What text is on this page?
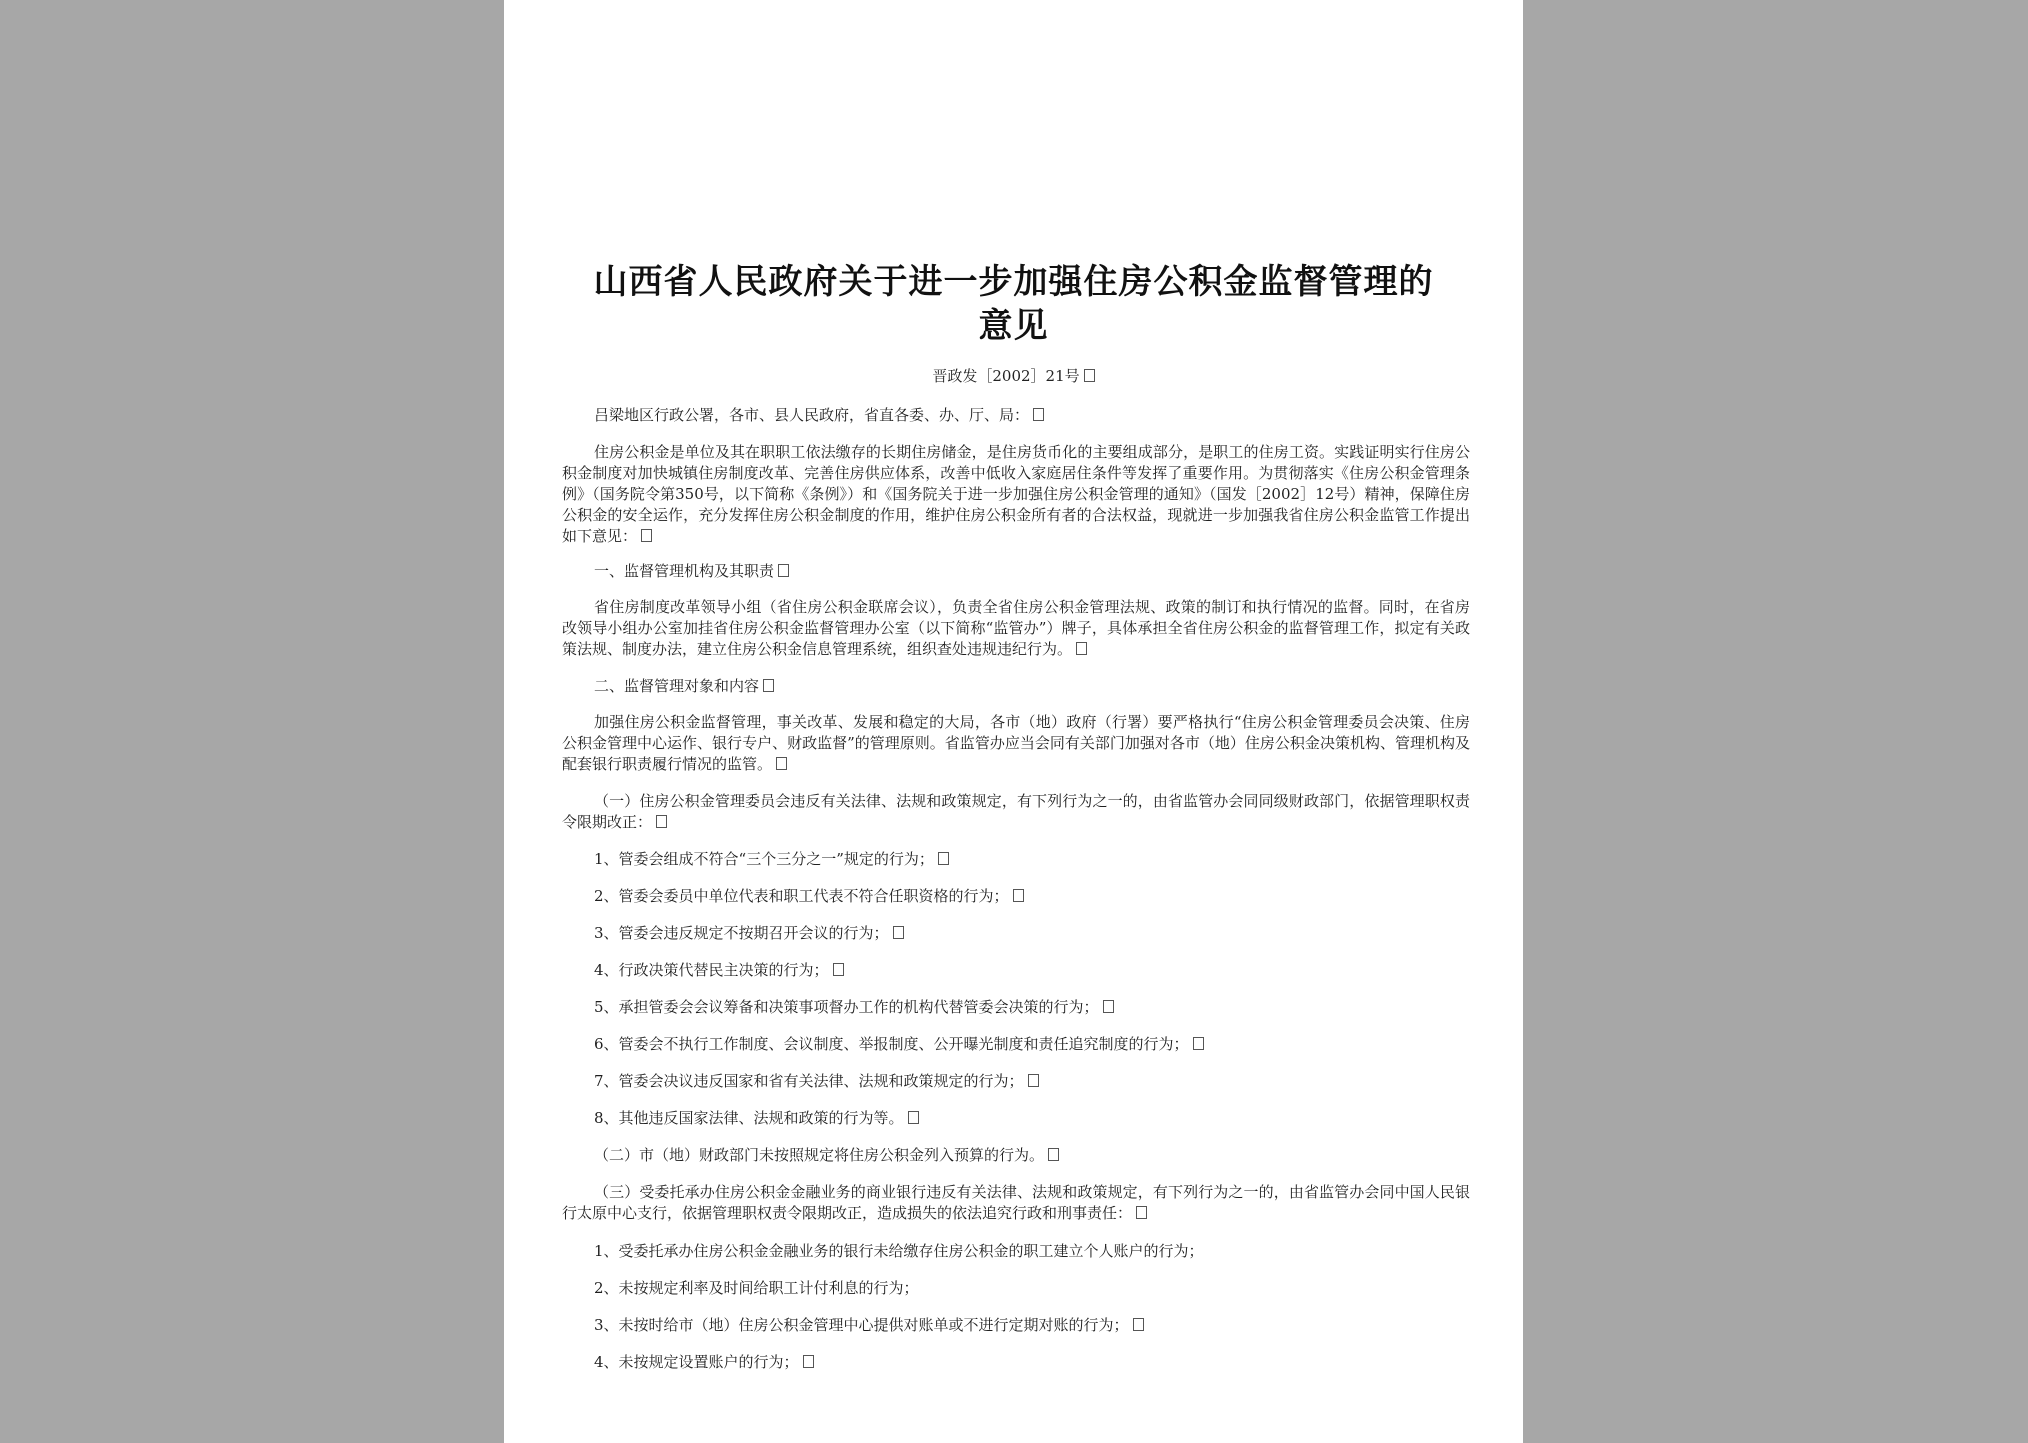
山西省人民政府关于进一步加强住房公积金监督管理的
意见
晋政发［2002］21号
吕梁地区行政公署，各市、县人民政府，省直各委、办、厅、局：
住房公积金是单位及其在职职工依法缴存的长期住房储金，是住房货币化的主要组成部分，是职工的住房工资。实践证明实行住房公积金制度对加快城镇住房制度改革、完善住房供应体系，改善中低收入家庭居住条件等发挥了重要作用。为贯彻落实《住房公积金管理条例》（国务院令第350号，以下简称《条例》）和《国务院关于进一步加强住房公积金管理的通知》（国发［2002］12号）精神，保障住房公积金的安全运作，充分发挥住房公积金制度的作用，维护住房公积金所有者的合法权益，现就进一步加强我省住房公积金监管工作提出如下意见：
一、监督管理机构及其职责
省住房制度改革领导小组（省住房公积金联席会议），负责全省住房公积金管理法规、政策的制订和执行情况的监督。同时，在省房改领导小组办公室加挂省住房公积金监督管理办公室（以下简称“监管办”）牌子，具体承担全省住房公积金的监督管理工作，拟定有关政策法规、制度办法，建立住房公积金信息管理系统，组织查处违规违纪行为。
二、监督管理对象和内容
加强住房公积金监督管理，事关改革、发展和稳定的大局，各市（地）政府（行署）要严格执行“住房公积金管理委员会决策、住房公积金管理中心运作、银行专户、财政监督”的管理原则。省监管办应当会同有关部门加强对各市（地）住房公积金决策机构、管理机构及配套银行职责履行情况的监管。
（一）住房公积金管理委员会违反有关法律、法规和政策规定，有下列行为之一的，由省监管办会同同级财政部门，依据管理职权责令限期改正：
1、管委会组成不符合“三个三分之一”规定的行为；
2、管委会委员中单位代表和职工代表不符合任职资格的行为；
3、管委会违反规定不按期召开会议的行为；
4、行政决策代替民主决策的行为；
5、承担管委会会议筹备和决策事项督办工作的机构代替管委会决策的行为；
6、管委会不执行工作制度、会议制度、举报制度、公开曝光制度和责任追究制度的行为；
7、管委会决议违反国家和省有关法律、法规和政策规定的行为；
8、其他违反国家法律、法规和政策的行为等。
（二）市（地）财政部门未按照规定将住房公积金列入预算的行为。
（三）受委托承办住房公积金金融业务的商业银行违反有关法律、法规和政策规定，有下列行为之一的，由省监管办会同中国人民银行太原中心支行，依据管理职权责令限期改正，造成损失的依法追究行政和刑事责任：
1、受委托承办住房公积金金融业务的银行未给缴存住房公积金的职工建立个人账户的行为；
2、未按规定利率及时间给职工计付利息的行为；
3、未按时给市（地）住房公积金管理中心提供对账单或不进行定期对账的行为；
4、未按规定设置账户的行为；
